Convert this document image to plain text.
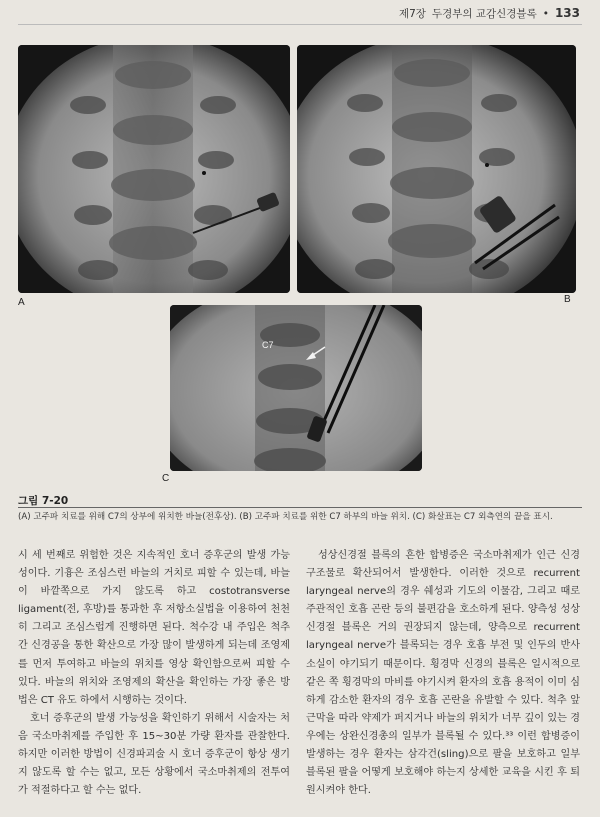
제7장 두경부의 교감신경블록 • 133
C7
A	B
C
그림 7-20
(A) 고주파 치료를 위해 C7의 상부에 위치한 바늘(전후상). (B) 고주파 치료를 위한 C7 하부의 바늘 위치. (C) 화살표는 C7 외측연의 끝을 표시.

시 세 번째로 위험한 것은 지속적인 호너 증후군의 발생 가능성이다. 기흉은 조심스런 바늘의 거치로 피할 수 있는데, 바늘이 바깥쪽으로 가지 않도록 하고 costotransverse ligament(전, 후방)를 통과한 후 저항소실법을 이용하여 천천히 그리고 조심스럽게 진행하면 된다. 척수강 내 주입은 척추간 신경공을 통한 확산으로 가장 많이 발생하게 되는데 조영제를 먼저 투여하고 바늘의 위치를 영상 확인함으로써 피할 수 있다. 바늘의 위치와 조영제의 확산을 확인하는 가장 좋은 방법은 CT 유도 하에서 시행하는 것이다.

호너 증후군의 발생 가능성을 확인하기 위해서 시술자는 처음 국소마취제를 주입한 후 15~30분 가량 환자를 관찰한다. 하지만 이러한 방법이 신경파괴술 시 호너 증후군이 항상 생기지 않도록 할 수는 없고, 모든 상황에서 국소마취제의 전투여가 적절하다고 할 수는 없다.

성상신경절 블록의 흔한 합병증은 국소마취제가 인근 신경구조물로 확산되어서 발생한다. 이러한 것으로 recurrent laryngeal nerve의 경우 쉐성과 기도의 이물감, 그리고 때로 주관적인 호흡 곤란 등의 불편감을 호소하게 된다. 양측성 성상신경절 블록은 거의 권장되지 않는데, 양측으로 recurrent laryngeal nerve가 블록되는 경우 호흡 부전 및 인두의 반사 소실이 야기되기 때문이다. 횡경막 신경의 블록은 일시적으로 같은 쪽 횡경막의 마비를 야기시켜 환자의 호흡 용적이 이미 심하게 감소한 환자의 경우 호흡 곤란을 유발할 수 있다. 척추 앞 근막을 따라 약제가 퍼지거나 바늘의 위치가 너무 깊이 있는 경우에는 상완신경총의 일부가 블록될 수 있다.³³ 이런 합병증이 발생하는 경우 환자는 삼각건(sling)으로 팔을 보호하고 일부 블록된 팔을 어떻게 보호해야 하는지 상세한 교육을 시킨 후 퇴원시켜야 한다.
